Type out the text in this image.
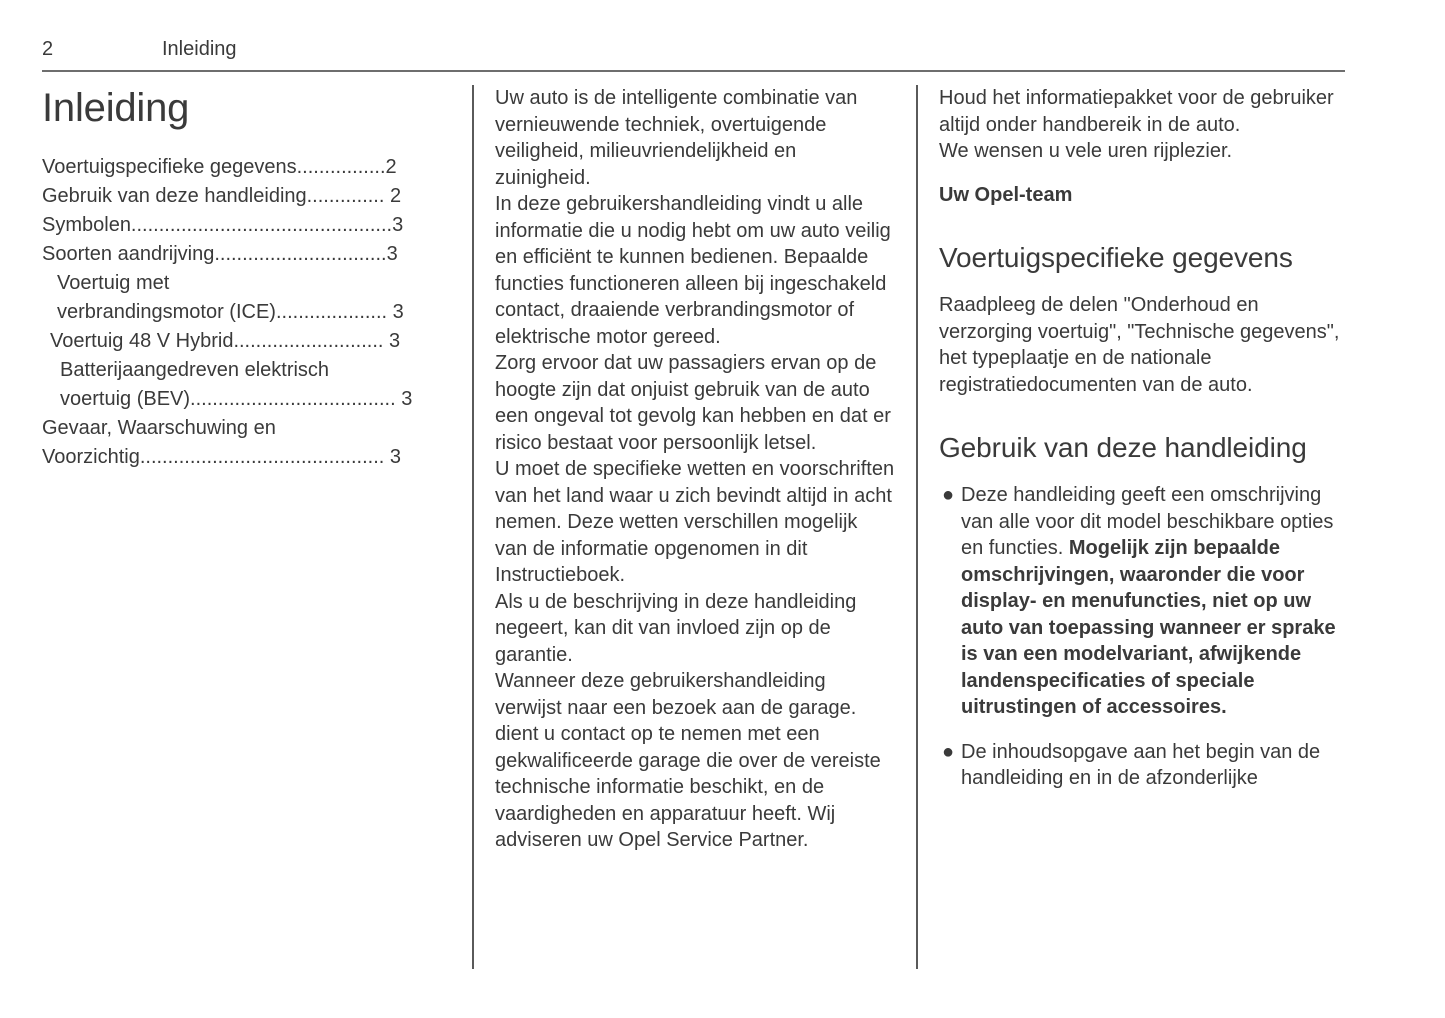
2	Inleiding
Inleiding
Voertuigspecifieke gegevens................2
Gebruik van deze handleiding.............. 2
Symbolen...............................................3
Soorten aandrijving...............................3
Voertuig met
verbrandingsmotor (ICE).................... 3
Voertuig 48 V Hybrid........................... 3
Batterijaangedreven elektrisch
voertuig (BEV)..................................... 3
Gevaar, Waarschuwing en
Voorzichtig............................................ 3

Uw auto is de intelligente combinatie van vernieuwende techniek, overtuigende veiligheid, milieuvriendelijkheid en zuinigheid.

In deze gebruikershandleiding vindt u alle informatie die u nodig hebt om uw auto veilig en efficiënt te kunnen bedienen. Bepaalde functies functioneren alleen bij ingeschakeld contact, draaiende verbrandingsmotor of elektrische motor gereed.

Zorg ervoor dat uw passagiers ervan op de hoogte zijn dat onjuist gebruik van de auto een ongeval tot gevolg kan hebben en dat er risico bestaat voor persoonlijk letsel.

U moet de specifieke wetten en voorschriften van het land waar u zich bevindt altijd in acht nemen. Deze wetten verschillen mogelijk van de informatie opgenomen in dit Instructieboek.

Als u de beschrijving in deze handleiding negeert, kan dit van invloed zijn op de garantie.

Wanneer deze gebruikershandleiding verwijst naar een bezoek aan de garage. dient u contact op te nemen met een gekwalificeerde garage die over de vereiste technische informatie beschikt, en de vaardigheden en apparatuur heeft. Wij adviseren uw Opel Service Partner.

Houd het informatiepakket voor de gebruiker altijd onder handbereik in de auto.

We wensen u vele uren rijplezier.

Uw Opel-team

Voertuigspecifieke gegevens

Raadpleeg de delen "Onderhoud en verzorging voertuig", "Technische gegevens", het typeplaatje en de nationale registratiedocumenten van de auto.

Gebruik van deze handleiding
● Deze handleiding geeft een omschrijving van alle voor dit model beschikbare opties en functies. Mogelijk zijn bepaalde omschrijvingen, waaronder die voor display- en menufuncties, niet op uw auto van toepassing wanneer er sprake is van een modelvariant, afwijkende landenspecificaties of speciale uitrustingen of accessoires.
● De inhoudsopgave aan het begin van de handleiding en in de afzonderlijke
